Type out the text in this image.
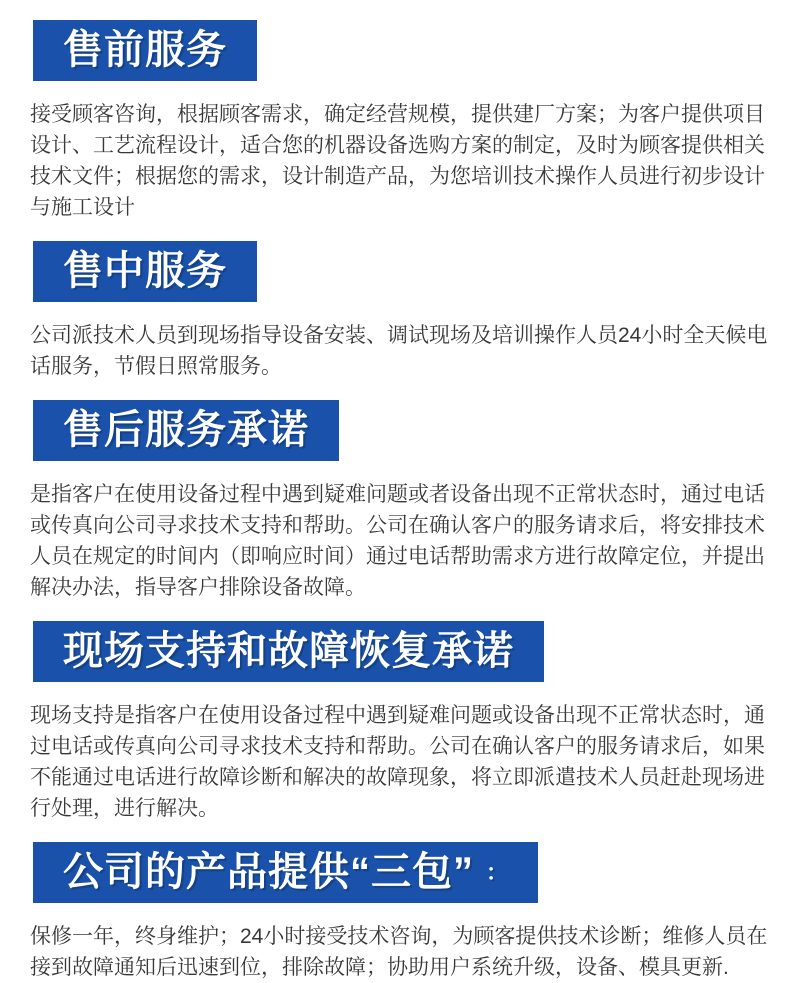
售前服务

接受顾客咨询，根据顾客需求，确定经营规模，提供建厂方案；为客户提供项目设计、工艺流程设计，适合您的机器设备选购方案的制定，及时为顾客提供相关技术文件；根据您的需求，设计制造产品，为您培训技术操作人员进行初步设计与施工设计

售中服务

公司派技术人员到现场指导设备安装、调试现场及培训操作人员24小时全天候电话服务，节假日照常服务。

售后服务承诺

是指客户在使用设备过程中遇到疑难问题或者设备出现不正常状态时，通过电话或传真向公司寻求技术支持和帮助。公司在确认客户的服务请求后，将安排技术人员在规定的时间内（即响应时间）通过电话帮助需求方进行故障定位，并提出解决办法，指导客户排除设备故障。

现场支持和故障恢复承诺

现场支持是指客户在使用设备过程中遇到疑难问题或设备出现不正常状态时，通过电话或传真向公司寻求技术支持和帮助。公司在确认客户的服务请求后，如果不能通过电话进行故障诊断和解决的故障现象，将立即派遣技术人员赶赴现场进行处理，进行解决。

公司的产品提供“三包” ：

保修一年，终身维护；24小时接受技术咨询，为顾客提供技术诊断；维修人员在接到故障通知后迅速到位，排除故障；协助用户系统升级，设备、模具更新.
